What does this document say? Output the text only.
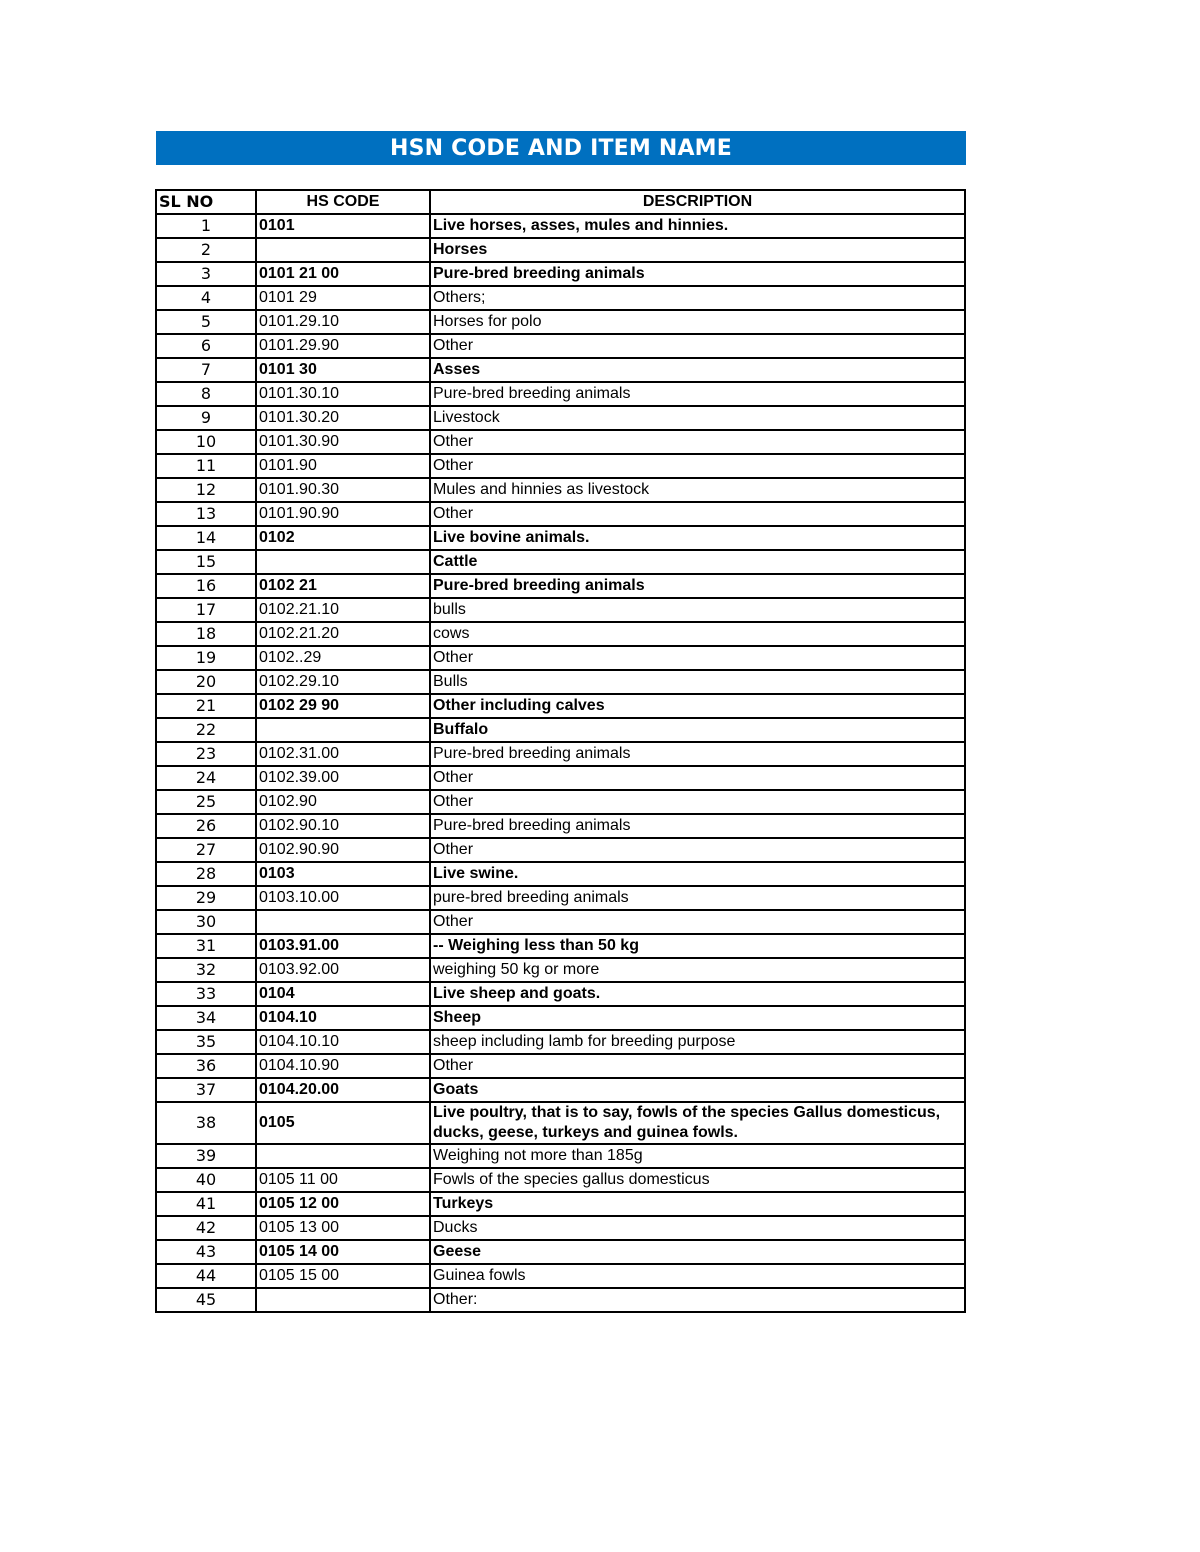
HSN CODE AND ITEM NAME
SL NO	HS CODE	DESCRIPTION
1	0101	Live horses, asses, mules and hinnies.
2		Horses
3	0101 21 00	Pure-bred breeding animals
4	0101 29	Others;
5	0101.29.10	Horses for polo
6	0101.29.90	Other
7	0101 30	Asses
8	0101.30.10	Pure-bred breeding animals
9	0101.30.20	Livestock
10	0101.30.90	Other
11	0101.90	Other
12	0101.90.30	Mules and hinnies as livestock
13	0101.90.90	Other
14	0102	Live bovine animals.
15		Cattle
16	0102 21	Pure-bred breeding animals
17	0102.21.10	bulls
18	0102.21.20	cows
19	0102..29	Other
20	0102.29.10	Bulls
21	0102 29 90	Other including calves
22		Buffalo
23	0102.31.00	Pure-bred breeding animals
24	0102.39.00	Other
25	0102.90	Other
26	0102.90.10	Pure-bred breeding animals
27	0102.90.90	Other
28	0103	Live swine.
29	0103.10.00	pure-bred breeding animals
30		Other
31	0103.91.00	-- Weighing less than 50 kg
32	0103.92.00	weighing 50 kg or more
33	0104	Live sheep and goats.
34	0104.10	Sheep
35	0104.10.10	sheep including lamb for breeding purpose
36	0104.10.90	Other
37	0104.20.00	Goats
38	0105	Live poultry, that is to say, fowls of the species Gallus domesticus, ducks, geese, turkeys and guinea fowls.
39		Weighing not more than 185g
40	0105 11 00	Fowls of the species gallus domesticus
41	0105 12 00	Turkeys
42	0105 13 00	Ducks
43	0105 14 00	Geese
44	0105 15 00	Guinea fowls
45		Other:
